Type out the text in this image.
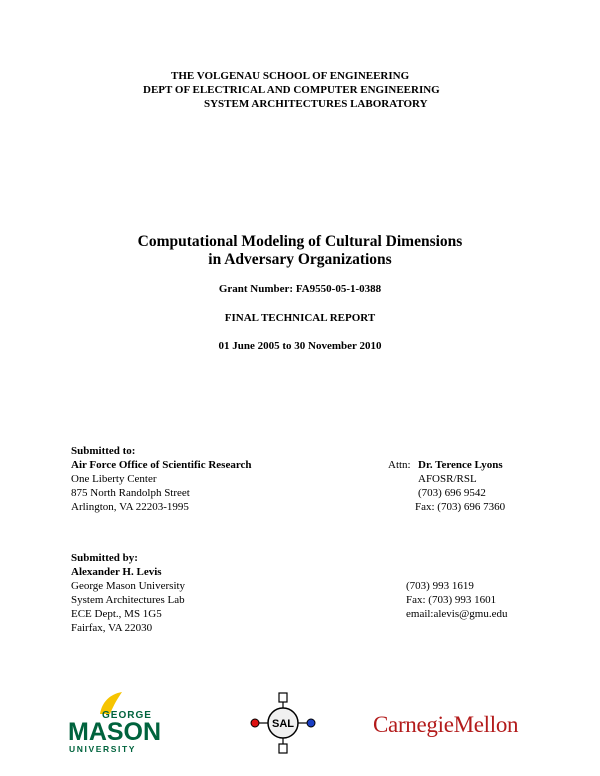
THE VOLGENAU SCHOOL OF ENGINEERING
DEPT OF ELECTRICAL AND COMPUTER ENGINEERING
SYSTEM ARCHITECTURES LABORATORY
Computational Modeling of Cultural Dimensions
in Adversary Organizations
Grant Number: FA9550-05-1-0388
FINAL TECHNICAL REPORT
01 June 2005 to 30 November 2010
Submitted to:
Air Force Office of Scientific Research
One Liberty Center
875 North Randolph Street
Arlington, VA 22203-1995
Attn: Dr. Terence Lyons
AFOSR/RSL
(703) 696 9542
Fax: (703) 696 7360
Submitted by:
Alexander H. Levis
George Mason University
System Architectures Lab
ECE Dept., MS 1G5
Fairfax, VA 22030
(703) 993 1619
Fax: (703) 993 1601
email:alevis@gmu.edu
GEORGE
MASON
UNIVERSITY
SAL	CarnegieMellon
